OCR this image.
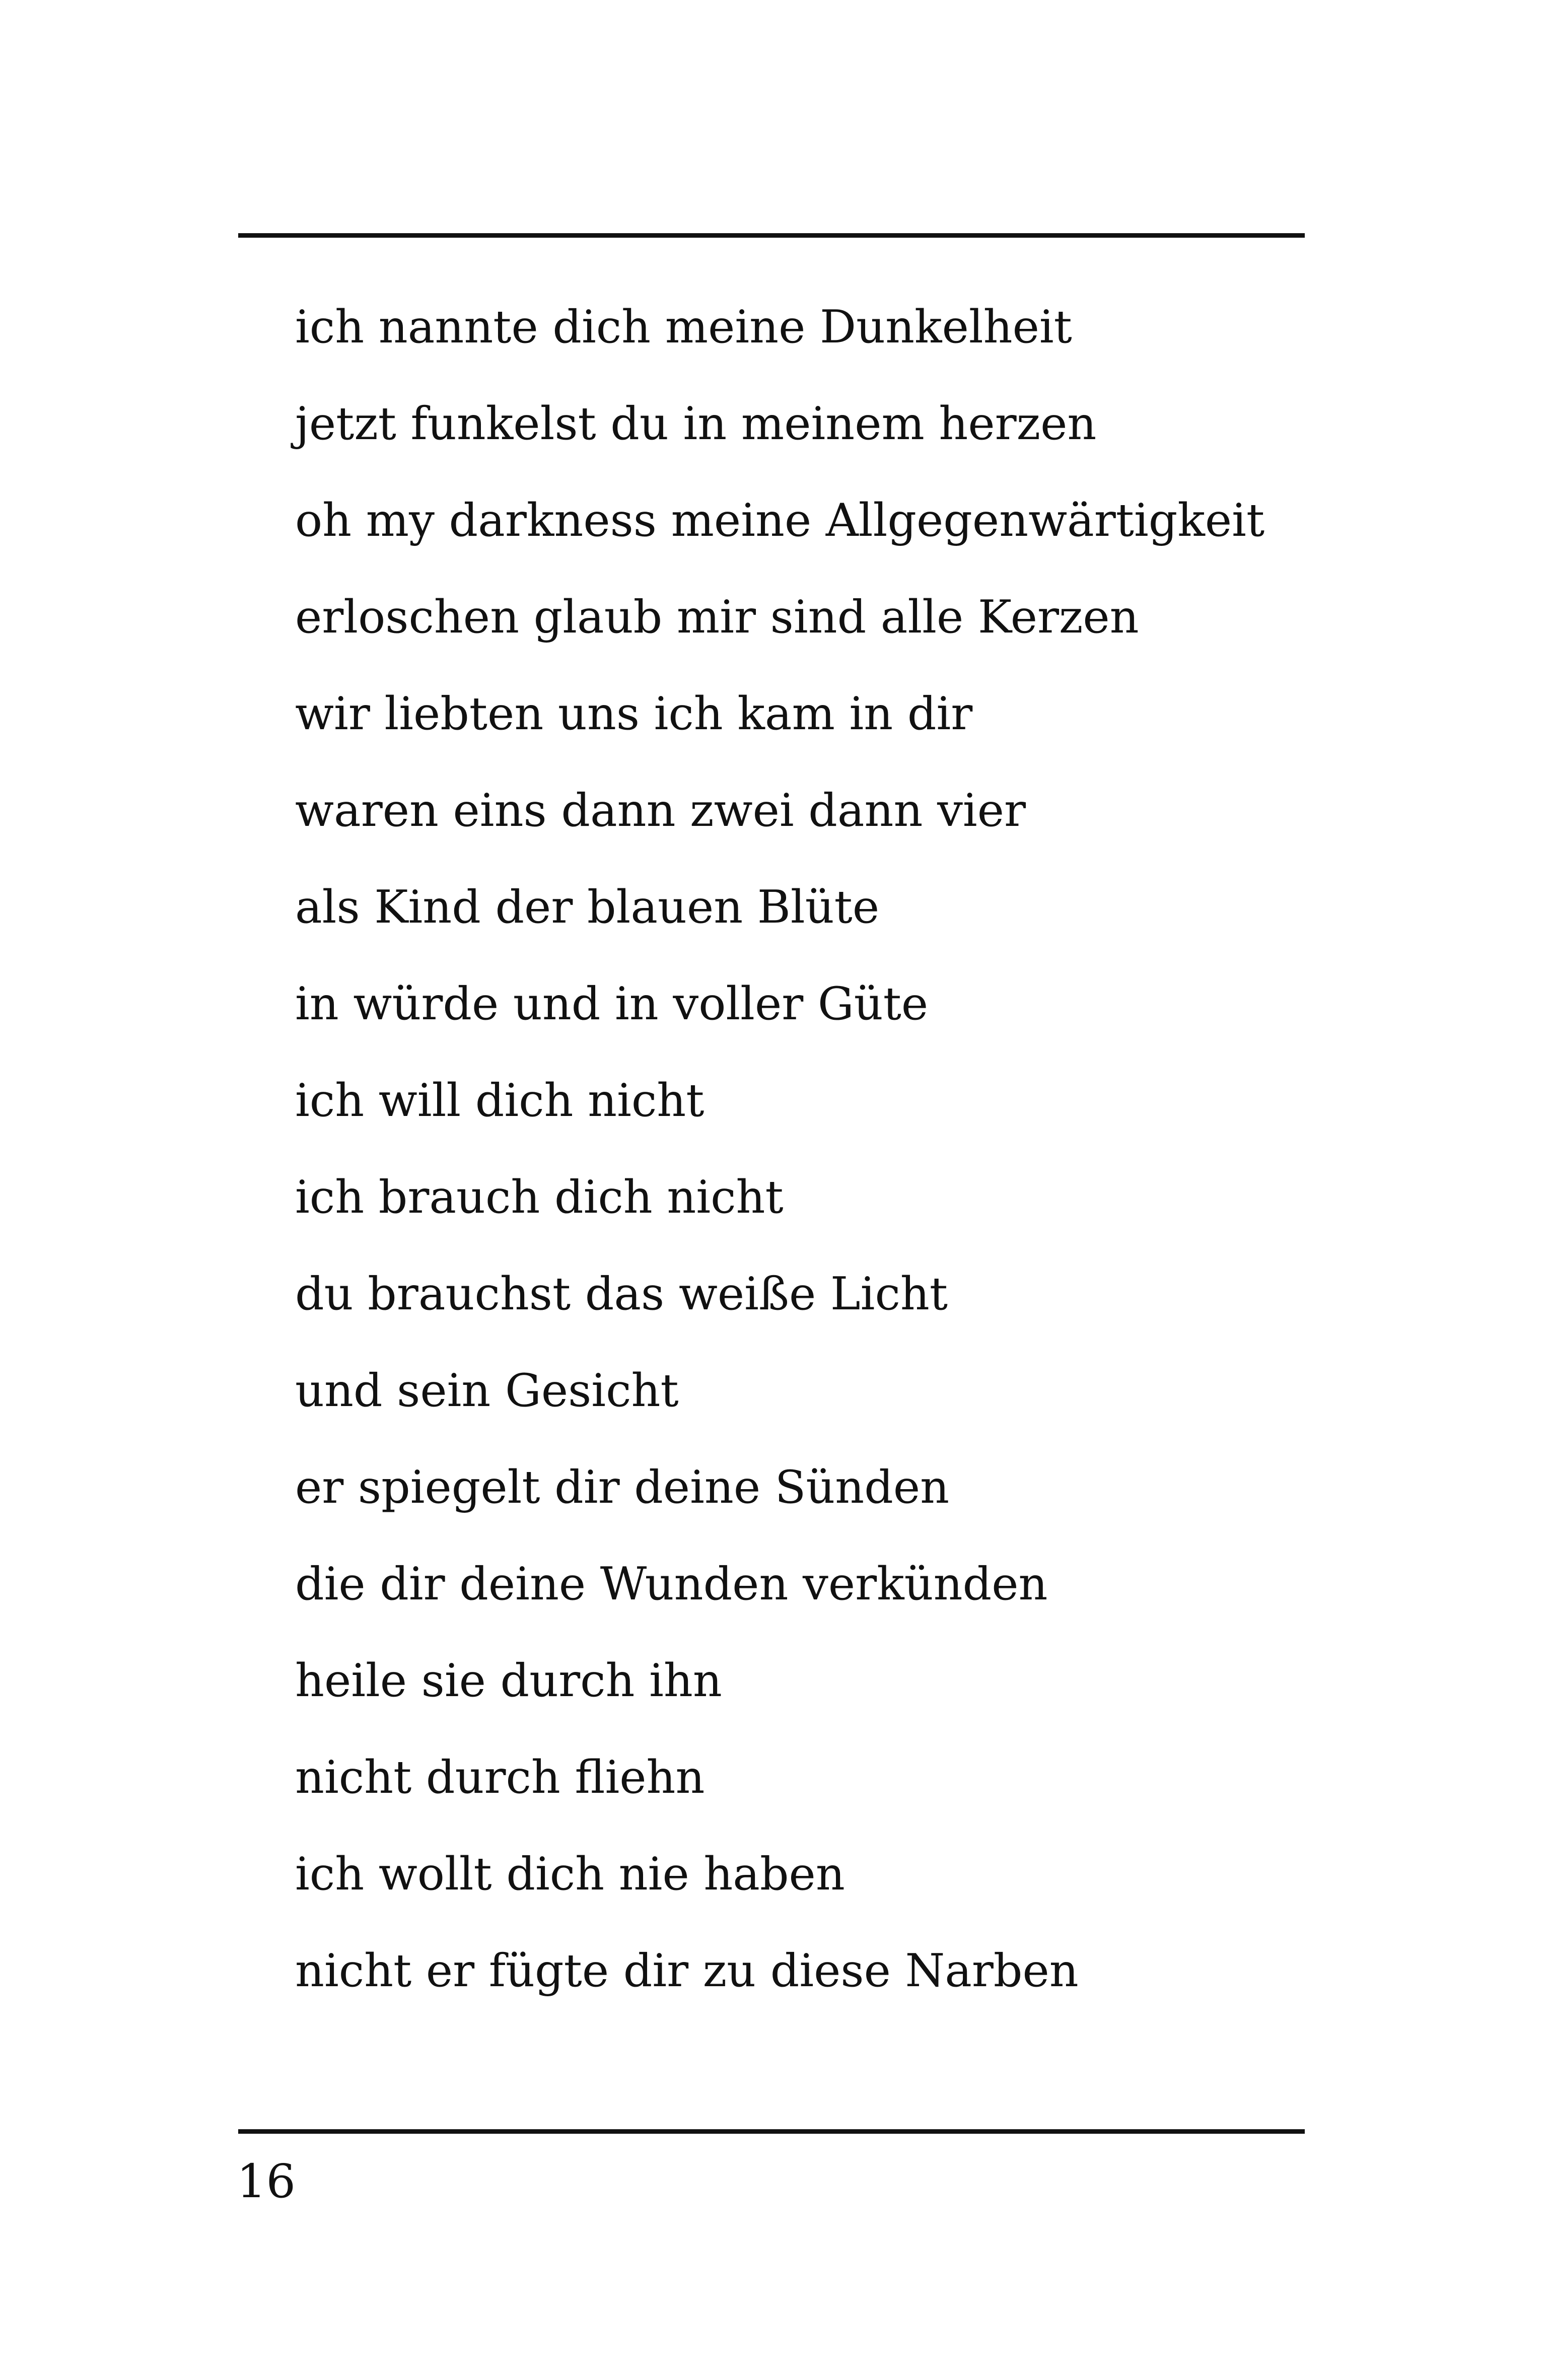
ich nannte dich meine Dunkelheit
jetzt funkelst du in meinem herzen
oh my darkness meine Allgegenwärtigkeit
erloschen glaub mir sind alle Kerzen
wir liebten uns ich kam in dir
waren eins dann zwei dann vier
als Kind der blauen Blüte
in würde und in voller Güte
ich will dich nicht
ich brauch dich nicht
du brauchst das weiße Licht
und sein Gesicht
er spiegelt dir deine Sünden
die dir deine Wunden verkünden
heile sie durch ihn
nicht durch fliehn
ich wollt dich nie haben
nicht er fügte dir zu diese Narben
16
